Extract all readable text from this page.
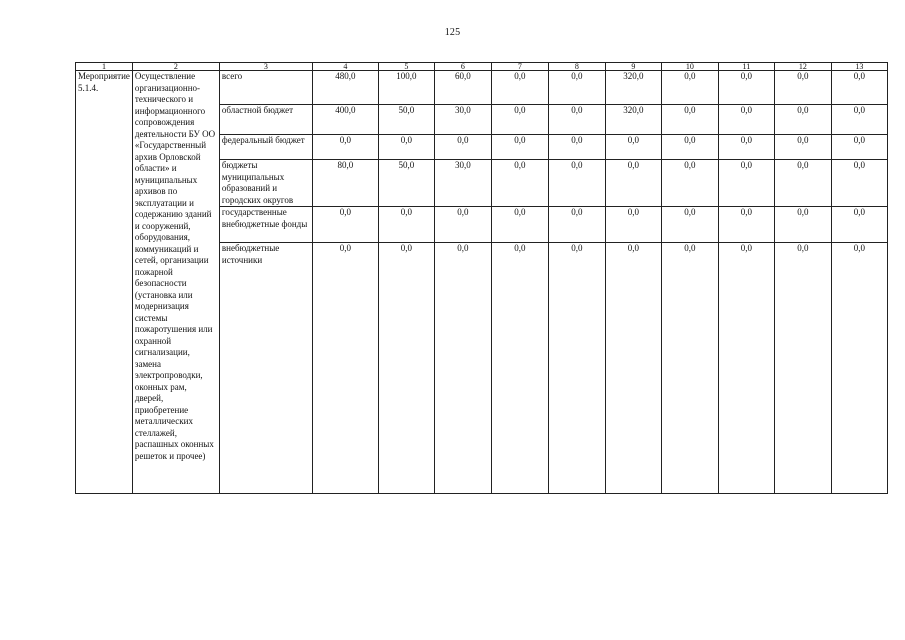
125
1	2	3	4	5	6	7	8	9	10	11	12	13
Мероприятие 5.1.4.	Осуществление организационно-технического и информационного сопровождения деятельности БУ ОО «Государственный архив Орловской области» и муниципальных архивов по эксплуатации и содержанию зданий и сооружений, оборудования, коммуникаций и сетей, организации пожарной безопасности (установка или модернизация системы пожаротушения или охранной сигнализации, замена электропроводки, оконных рам, дверей, приобретение металлических стеллажей, распашных оконных решеток и прочее)	всего	480,0	100,0	60,0	0,0	0,0	320,0	0,0	0,0	0,0	0,0
		областной бюджет	400,0	50,0	30,0	0,0	0,0	320,0	0,0	0,0	0,0	0,0
		федеральный бюджет	0,0	0,0	0,0	0,0	0,0	0,0	0,0	0,0	0,0	0,0
		бюджеты муниципальных образований и городских округов	80,0	50,0	30,0	0,0	0,0	0,0	0,0	0,0	0,0	0,0
		государственные внебюджетные фонды	0,0	0,0	0,0	0,0	0,0	0,0	0,0	0,0	0,0	0,0
		внебюджетные источники	0,0	0,0	0,0	0,0	0,0	0,0	0,0	0,0	0,0	0,0
